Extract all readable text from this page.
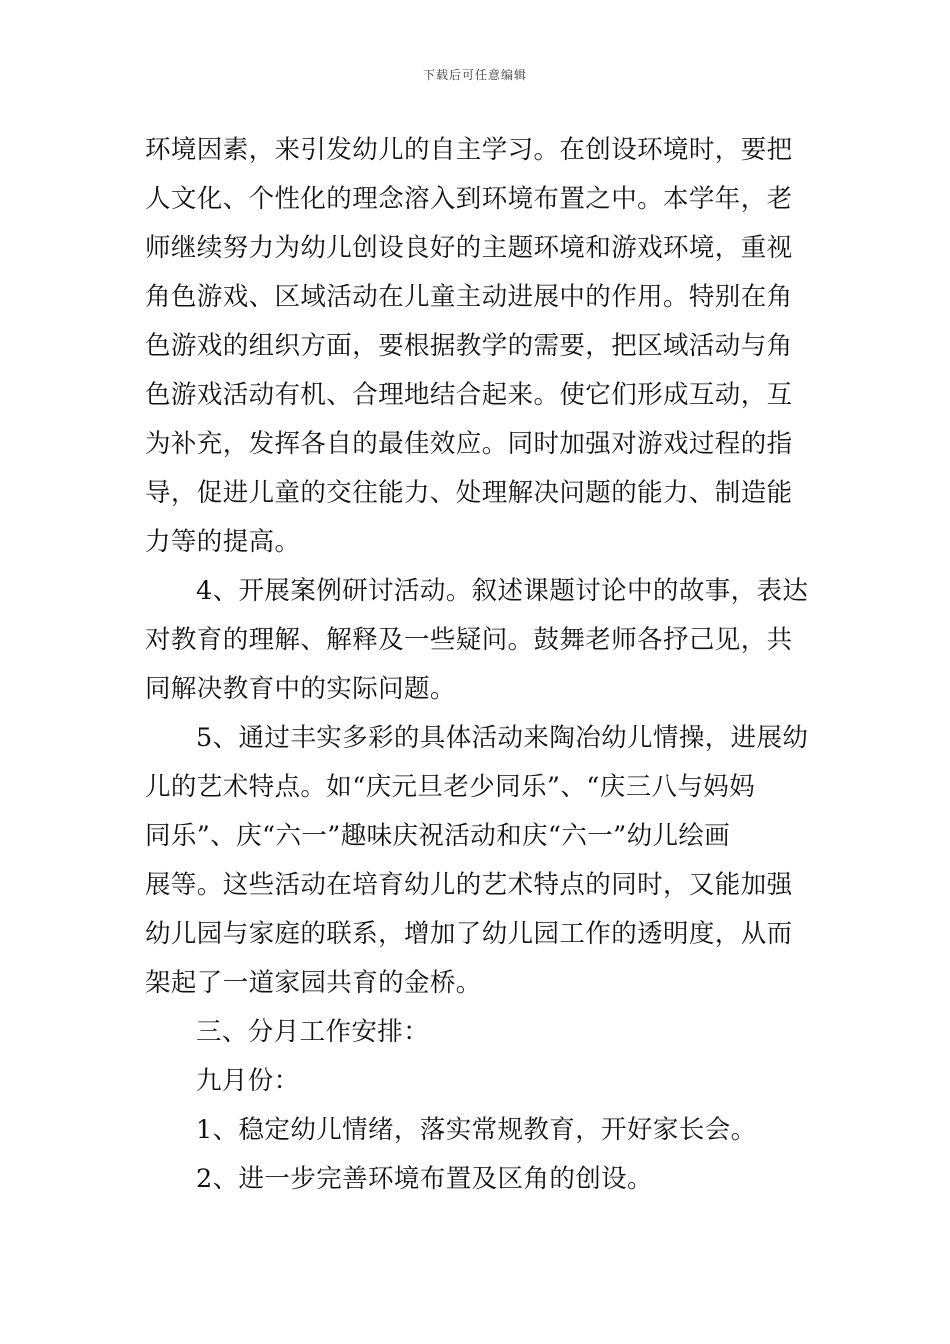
下载后可任意编辑
环境因素，来引发幼儿的自主学习。在创设环境时，要把
人文化、个性化的理念溶入到环境布置之中。本学年，老
师继续努力为幼儿创设良好的主题环境和游戏环境，重视
角色游戏、区域活动在儿童主动进展中的作用。特别在角
色游戏的组织方面，要根据教学的需要，把区域活动与角
色游戏活动有机、合理地结合起来。使它们形成互动，互
为补充，发挥各自的最佳效应。同时加强对游戏过程的指
导，促进儿童的交往能力、处理解决问题的能力、制造能
力等的提高。
4、开展案例研讨活动。叙述课题讨论中的故事，表达
对教育的理解、解释及一些疑问。鼓舞老师各抒己见，共
同解决教育中的实际问题。
5、通过丰实多彩的具体活动来陶冶幼儿情操，进展幼
儿的艺术特点。如“庆元旦老少同乐”、“庆三八与妈妈
同乐”、庆“六一”趣味庆祝活动和庆“六一”幼儿绘画
展等。这些活动在培育幼儿的艺术特点的同时，又能加强
幼儿园与家庭的联系，增加了幼儿园工作的透明度，从而
架起了一道家园共育的金桥。
三、分月工作安排：
九月份：
1、稳定幼儿情绪，落实常规教育，开好家长会。
2、进一步完善环境布置及区角的创设。
